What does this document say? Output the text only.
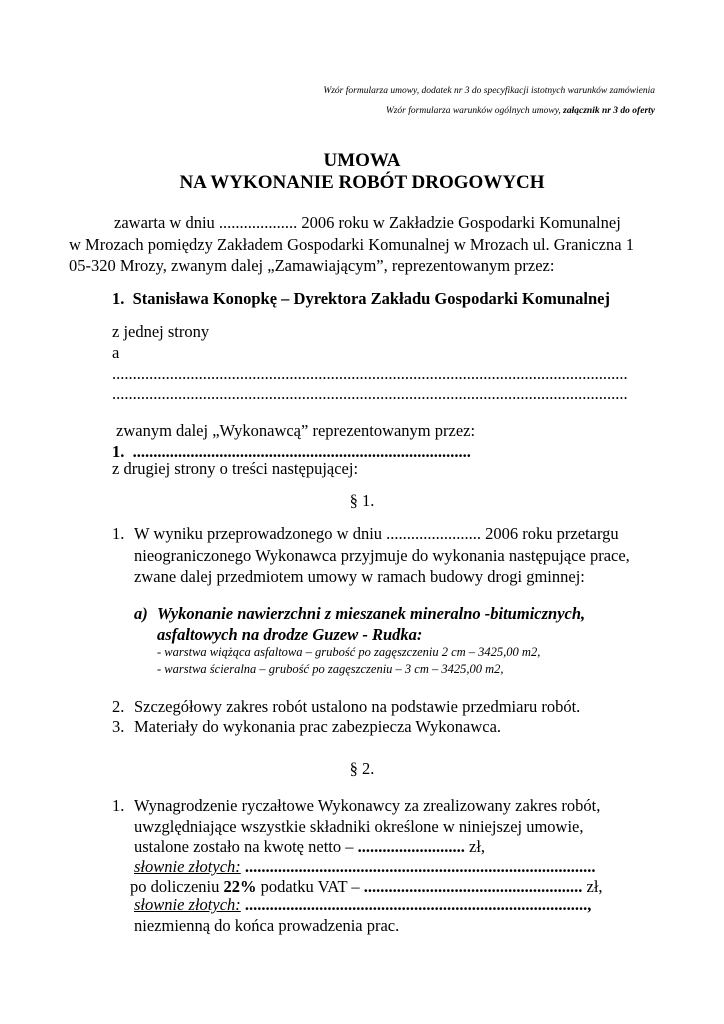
Wzór formularza umowy, dodatek nr 3 do specyfikacji istotnych warunków zamówienia
Wzór formularza warunków ogólnych umowy, załącznik nr 3 do oferty
UMOWA
NA WYKONANIE ROBÓT DROGOWYCH
zawarta w dniu ................... 2006 roku w Zakładzie Gospodarki Komunalnej
w Mrozach pomiędzy Zakładem Gospodarki Komunalnej w Mrozach ul. Graniczna 1
05-320 Mrozy, zwanym dalej „Zamawiającym”, reprezentowanym przez:
1. Stanisława Konopkę – Dyrektora Zakładu Gospodarki Komunalnej
z jednej strony
a
.............................................................................................................................
.............................................................................................................................
zwanym dalej „Wykonawcą” reprezentowanym przez:
1. ..................................................................................
z drugiej strony o treści następującej:
§ 1.
1. W wyniku przeprowadzonego w dniu ....................... 2006 roku przetargu
nieograniczonego Wykonawca przyjmuje do wykonania następujące prace,
zwane dalej przedmiotem umowy w ramach budowy drogi gminnej:
a) Wykonanie nawierzchni z mieszanek mineralno -bitumicznych,
asfaltowych na drodze Guzew - Rudka:
- warstwa wiążąca asfaltowa – grubość po zagęszczeniu 2 cm – 3425,00 m2,
- warstwa ścieralna – grubość po zagęszczeniu – 3 cm – 3425,00 m2,
2. Szczegółowy zakres robót ustalono na podstawie przedmiaru robót.
3. Materiały do wykonania prac zabezpiecza Wykonawca.
§ 2.
1. Wynagrodzenie ryczałtowe Wykonawcy za zrealizowany zakres robót,
uwzględniające wszystkie składniki określone w niniejszej umowie,
ustalone zostało na kwotę netto – .......................... zł,
słownie złotych: .....................................................................................
po doliczeniu 22% podatku VAT – ..................................................... zł,
słownie złotych: ...................................................................................,
niezmienną do końca prowadzenia prac.
